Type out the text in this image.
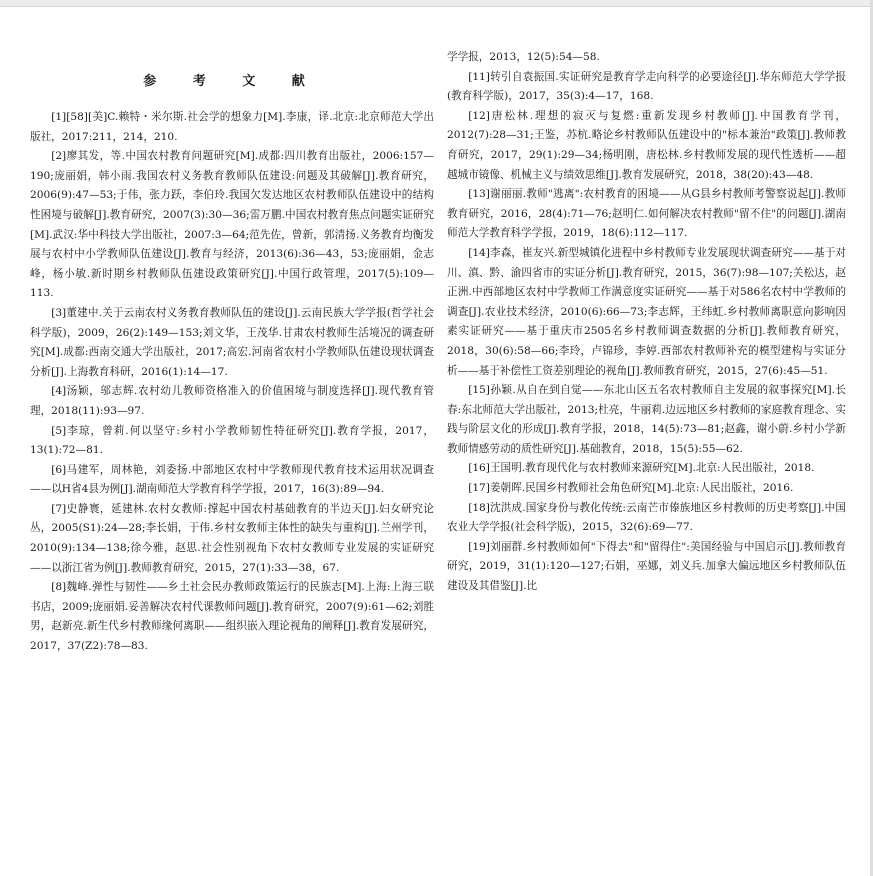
参 考 文 献

[1][58][美]C.赖特・米尔斯.社会学的想象力[M].李康，译.北京:北京师范大学出版社，2017:211，214，210.

[2]廖其发，等.中国农村教育问题研究[M].成都:四川教育出版社，2006:157—190;庞丽娟，韩小雨.我国农村义务教育教师队伍建设:问题及其破解[J].教育研究，2006(9):47—53;于伟，张力跃，李伯玲.我国欠发达地区农村教师队伍建设中的结构性困境与破解[J].教育研究，2007(3):30—36;雷万鹏.中国农村教育焦点问题实证研究[M].武汉:华中科技大学出版社，2007:3—64;范先佐，曾新，郭清扬.义务教育均衡发展与农村中小学教师队伍建设[J].教育与经济，2013(6):36—43，53;庞丽娟，金志峰，杨小敏.新时期乡村教师队伍建设政策研究[J].中国行政管理，2017(5):109—113.

[3]董建中.关于云南农村义务教育教师队伍的建设[J].云南民族大学学报(哲学社会科学版)，2009，26(2):149—153;刘文华，王茂华.甘肃农村教师生活境况的调查研究[M].成都:西南交通大学出版社，2017;高宏.河南省农村小学教师队伍建设现状调查分析[J].上海教育科研，2016(1):14—17.

[4]汤颖，邬志辉.农村幼儿教师资格准入的价值困境与制度选择[J].现代教育管理，2018(11):93—97.

[5]李琼，曾莉.何以坚守:乡村小学教师韧性特征研究[J].教育学报，2017，13(1):72—81.

[6]马建军，周林艳，刘委扬.中部地区农村中学教师现代教育技术运用状况调查——以H省4县为例[J].湖南师范大学教育科学学报，2017，16(3):89—94.

[7]史静寰，延建林.农村女教师:撑起中国农村基础教育的半边天[J].妇女研究论丛，2005(S1):24—28;李长娟，于伟.乡村女教师主体性的缺失与重构[J].兰州学刊，2010(9):134—138;徐今雅，赵思.社会性别视角下农村女教师专业发展的实证研究——以浙江省为例[J].教师教育研究，2015，27(1):33—38，67.

[8]魏峰.弹性与韧性——乡土社会民办教师政策运行的民族志[M].上海:上海三联书店，2009;庞丽娟.妥善解决农村代课教师问题[J].教育研究，2007(9):61—62;刘胜男，赵新亮.新生代乡村教师缘何离职——组织嵌入理论视角的阐释[J].教育发展研究，2017，37(Z2):78—83.

学学报，2013，12(5):54—58.

[11]转引自袁振国.实证研究是教育学走向科学的必要途径[J].华东师范大学学报(教育科学版)，2017，35(3):4—17，168.

[12]唐松林.理想的寂灭与复燃:重新发现乡村教师[J].中国教育学刊，2012(7):28—31;王鉴，苏杭.略论乡村教师队伍建设中的"标本兼治"政策[J].教师教育研究，2017，29(1):29—34;杨明刚，唐松林.乡村教师发展的现代性透析——超越城市镜像、机械主义与绩效思维[J].教育发展研究，2018，38(20):43—48.

[13]谢丽丽.教师"逃离":农村教育的困境——从G县乡村教师考警察说起[J].教师教育研究，2016，28(4):71—76;赵明仁.如何解决农村教师"留不住"的问题[J].湖南师范大学教育科学学报，2019，18(6):112—117.

[14]李森，崔友兴.新型城镇化进程中乡村教师专业发展现状调查研究——基于对川、滇、黔、渝四省市的实证分析[J].教育研究，2015，36(7):98—107;关松达，赵正洲.中西部地区农村中学教师工作满意度实证研究——基于对586名农村中学教师的调查[J].农业技术经济，2010(6):66—73;李志辉，王纬虹.乡村教师离职意向影响因素实证研究——基于重庆市2505名乡村教师调查数据的分析[J].教师教育研究，2018，30(6):58—66;李玲，卢锦珍，李婷.西部农村教师补充的模型建构与实证分析——基于补偿性工资差别理论的视角[J].教师教育研究，2015，27(6):45—51.

[15]孙颖.从自在到自觉——东北山区五名农村教师自主发展的叙事探究[M].长春:东北师范大学出版社，2013;杜亮，牛丽莉.边远地区乡村教师的家庭教育理念、实践与阶层文化的形成[J].教育学报，2018，14(5):73—81;赵鑫，谢小蔚.乡村小学新教师情感劳动的质性研究[J].基础教育，2018，15(5):55—62.

[16]王国明.教育现代化与农村教师来源研究[M].北京:人民出版社，2018.

[17]姜朝晖.民国乡村教师社会角色研究[M].北京:人民出版社，2016.

[18]沈洪成.国家身份与教化传统:云南芒市傣族地区乡村教师的历史考察[J].中国农业大学学报(社会科学版)，2015，32(6):69—77.

[19]刘丽群.乡村教师如何"下得去"和"留得住":美国经验与中国启示[J].教师教育研究，2019，31(1):120—127;石娟，巫娜，刘义兵.加拿大偏远地区乡村教师队伍建设及其借鉴[J].比
